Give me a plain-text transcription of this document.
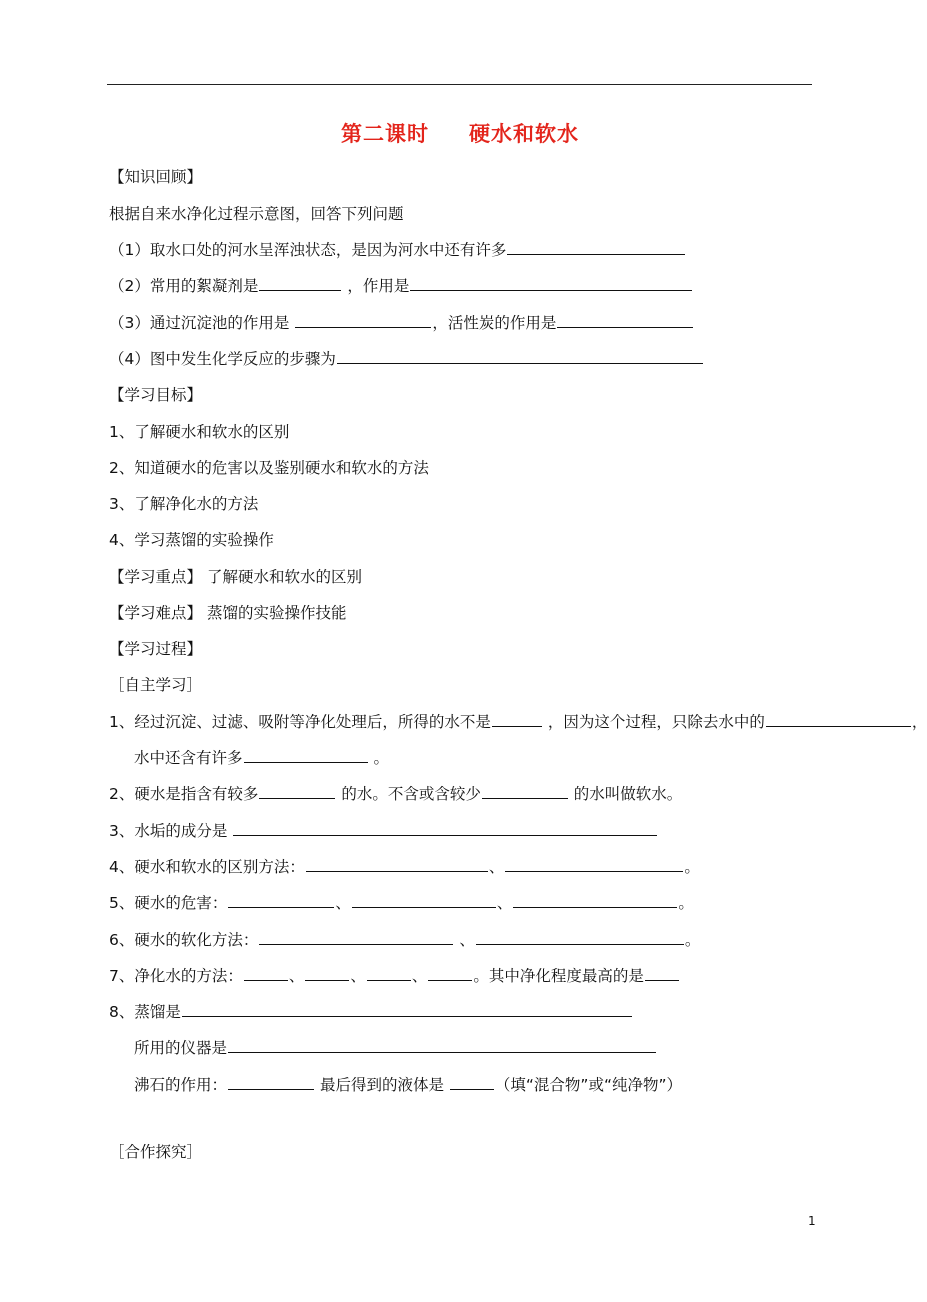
第二课时 硬水和软水
【知识回顾】
根据自来水净化过程示意图，回答下列问题
（1）取水口处的河水呈浑浊状态，是因为河水中还有许多
（2）常用的絮凝剂是	，作用是
（3）通过沉淀池的作用是	，活性炭的作用是
（4）图中发生化学反应的步骤为
【学习目标】
1、了解硬水和软水的区别
2、知道硬水的危害以及鉴别硬水和软水的方法
3、了解净化水的方法
4、学习蒸馏的实验操作
【学习重点】 了解硬水和软水的区别
【学习难点】 蒸馏的实验操作技能
【学习过程】
［自主学习］
1、经过沉淀、过滤、吸附等净化处理后，所得的水不是	，因为这个过程，只除去水中的	，
水中还含有许多	。
2、硬水是指含有较多	的水。不含或含较少	的水叫做软水。
3、水垢的成分是
4、硬水和软水的区别方法：	、	。
5、硬水的危害：	、	、	。
6、硬水的软化方法：	、	。
7、净化水的方法：	、	、	、	。其中净化程度最高的是
8、蒸馏是
所用的仪器是
沸石的作用：	最后得到的液体是	（填“混合物”或“纯净物”）
［合作探究］
1
